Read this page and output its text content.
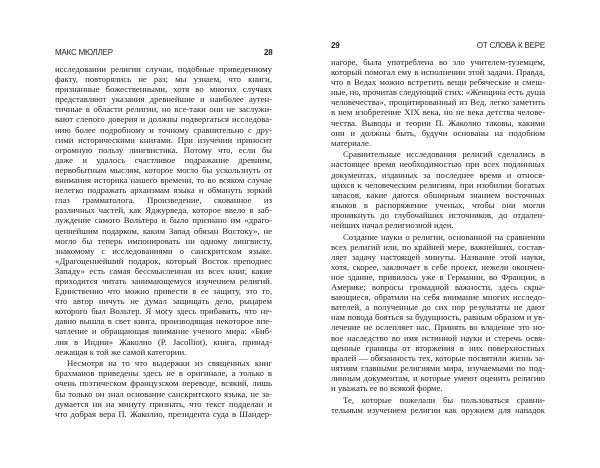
МАКС МЮЛЛЕР	28
исследовании религии случаи, подобные приведенному
факту, повторялись не раз; мы узнаем, что книги,
признанные божественными, хотя во многих случаях
представляют указания древнейшие и наиболее аутен-
тичные в области религии, но все-таки они не заслужи-
вают слепого доверия и должны подвергаться исследова-
нию более подробному и точному сравнительно с дру-
гими историческими книгами. При изучении приносит
огромную пользу лингвистика. Потому что, если бы
даже и удалось счастливое подражание древним,
первобытным мыслям, которое могло бы ускользнуть от
внимания историка нашего времени, то во всяком случае
нелегко подражать архаизмам языка и обмануть зоркий
глаз грамматолога. Произведение, скованное из
различных частей, как Яджурведа, которое ввело в заб-
луждение самого Вольтера и было признано им «драго-
ценнейшим подарком, каким Запад обязан Востоку», не
могло бы теперь импонировать ни одному лингвисту,
знакомому с исследованиями о санскритском языке.
«Драгоценнейший подарок, который Восток преподнес
Западу» есть самая бессмысленная из всех книг, какие
приходится читать занимающемуся изучением религий.
Единственно что можно привести в ее защиту, это то,
что автор ничуть не думал защищать дело, рыцарем
которого был Вольтер. Я могу здесь прибавить, что не-
давно вышла в свет книга, производящая некоторое впе-
чатление и обращающая внимание ученого мира: «Биб-
лия в Индии» Жаколио (P. Jacolliot), книга, принад-
лежащая к той же самой категории.
Несмотря на то что выдержки из священных книг
брахманов приведены здесь не в оригинале, а только в
очень поэтическом французском переводе, всякий, лишь
бы только он знал основание санскритского языка, не за-
думается ни на минуту признать, что текст подделан и
что добрая вера П. Жаколио, президента суда в Шандер-
29	ОТ СЛОВА К ВЕРЕ
нагоре, была употреблена во зло учителем-туземцем,
который помогал ему в исполнении этой задачи. Правда,
что в Ведах можно встретить вещи ребяческие и смеш-
ные, но, прочитав следующий стих: «Женщина есть душа
человечества», процитированный из Вед, легко заметить
в нем изобретение XIX века, но не века детства челове-
чества. Выводы и теории П. Жаколио таковы, какими
они и должны быть, будучи основаны на подобном
материале.
Сравнительные исследования религий сделались в
настоящее время необходимостью при всех подлинных
документах, изданных за последнее время и относя-
щихся к человеческим религиям, при изобилии богатых
запасов, какие даются обширным знанием восточных
языков в распоряжение ученых, чтобы они могли
проникнуть до глубочайших источников, до отдален-
нейших начал религиозной идеи.
Создание науки о религии, основанной на сравнении
всех религий или, по крайней мере, важнейших, состав-
ляет задачу настоящей минуты. Название этой науки,
хотя, скорее, заключает в себе проект, нежели окончен-
ное здание, привилось уже в Германии, во Франции, в
Америке; вопросы громадной важности, здесь скры-
вающиеся, обратили на себя внимание многих исследо-
вателей, а полученные до сих пор результаты не дают
нам повода бояться за будущность, равным образом и ув-
лечение не ослепляет нас. Принять во владение это но-
вое наследство во имя истинной науки и стеречь освя-
щенные границы от вторжения в них поверхностных
вралей — обязанность тех, которые посвятили жизнь за-
нятиям главными религиями мира, изучаемыми по под-
линным документам, и которые умеют оценить религию
и уважать ее во всякой форме.
Те, которые пожелали бы пользоваться сравни-
тельным изучением религии как оружием для нападок
